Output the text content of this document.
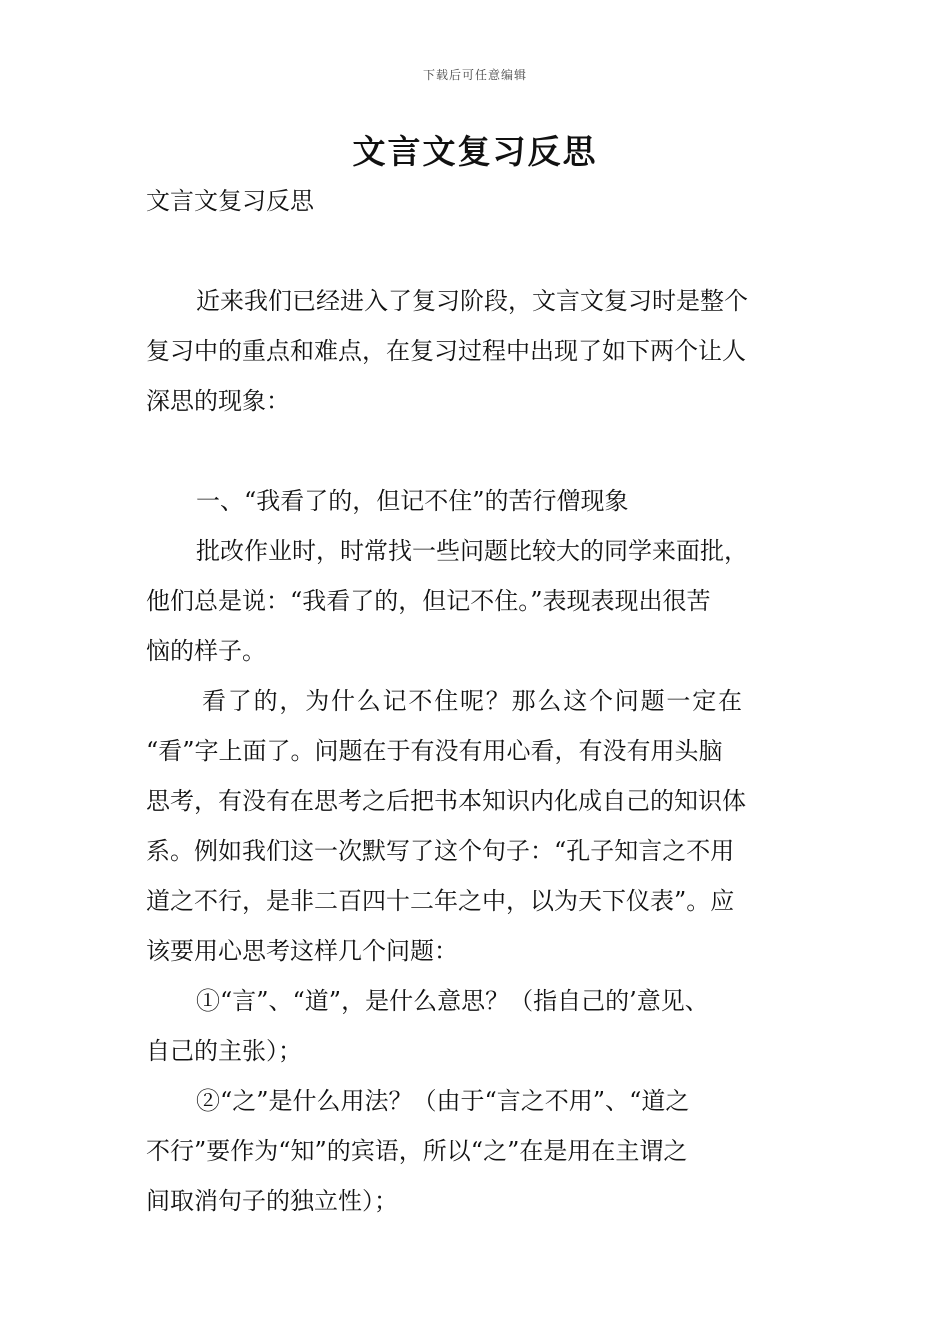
下载后可任意编辑
文言文复习反思
文言文复习反思
近来我们已经进入了复习阶段，文言文复习时是整个
复习中的重点和难点，在复习过程中出现了如下两个让人
深思的现象：
一、“我看了的，但记不住”的苦行僧现象
批改作业时，时常找一些问题比较大的同学来面批，
他们总是说：“我看了的，但记不住。”表现表现出很苦
恼的样子。
看了的，为什么记不住呢？那么这个问题一定在
“看”字上面了。问题在于有没有用心看，有没有用头脑
思考，有没有在思考之后把书本知识内化成自己的知识体
系。例如我们这一次默写了这个句子：“孔子知言之不用
道之不行，是非二百四十二年之中，以为天下仪表”。应
该要用心思考这样几个问题：
①“言”、“道”，是什么意思？（指自己的’意见、
自己的主张）；
②“之”是什么用法？（由于“言之不用”、“道之
不行”要作为“知”的宾语，所以“之”在是用在主谓之
间取消句子的独立性）；
